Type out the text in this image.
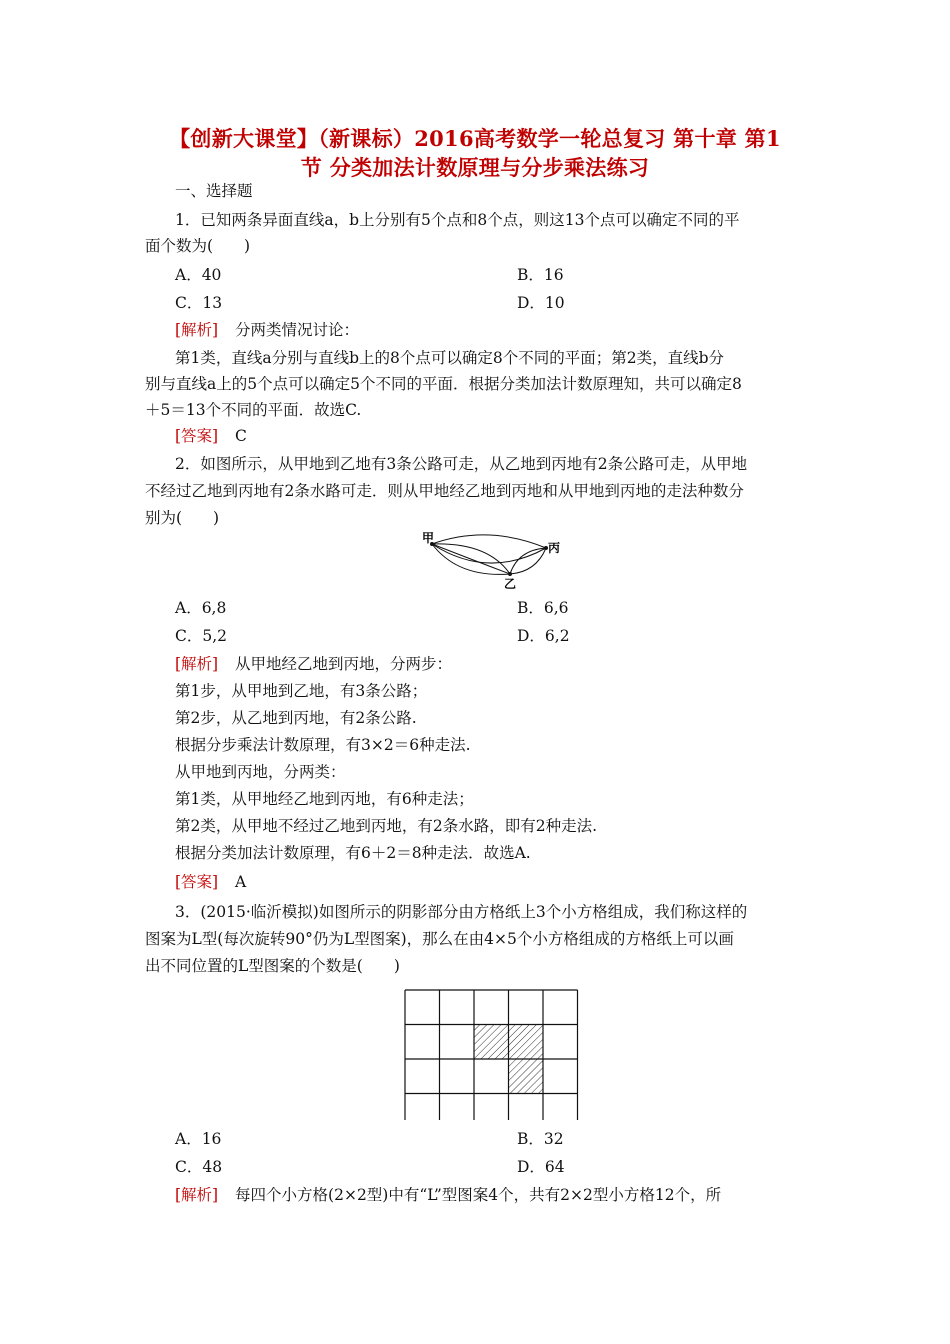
【创新大课堂】（新课标）2016高考数学一轮总复习 第十章 第1
节 分类加法计数原理与分步乘法练习
一、选择题
1．已知两条异面直线a，b上分别有5个点和8个点，则这13个点可以确定不同的平
面个数为(　　)
A．40	B．16
C．13	D．10
[解析] 分两类情况讨论：
第1类，直线a分别与直线b上的8个点可以确定8个不同的平面；第2类，直线b分
别与直线a上的5个点可以确定5个不同的平面．根据分类加法计数原理知，共可以确定8
＋5＝13个不同的平面．故选C.
[答案] C
2．如图所示，从甲地到乙地有3条公路可走，从乙地到丙地有2条公路可走，从甲地
不经过乙地到丙地有2条水路可走．则从甲地经乙地到丙地和从甲地到丙地的走法种数分
别为(　　)
甲
丙
乙
A．6,8	B．6,6
C．5,2	D．6,2
[解析] 从甲地经乙地到丙地，分两步：
第1步，从甲地到乙地，有3条公路；
第2步，从乙地到丙地，有2条公路.
根据分步乘法计数原理，有3×2＝6种走法.
从甲地到丙地，分两类：
第1类，从甲地经乙地到丙地，有6种走法；
第2类，从甲地不经过乙地到丙地，有2条水路，即有2种走法.
根据分类加法计数原理，有6＋2＝8种走法．故选A.
[答案] A
3．(2015·临沂模拟)如图所示的阴影部分由方格纸上3个小方格组成，我们称这样的
图案为L型(每次旋转90°仍为L型图案)，那么在由4×5个小方格组成的方格纸上可以画
出不同位置的L型图案的个数是(　　)
A．16	B．32
C．48	D．64
[解析] 每四个小方格(2×2型)中有“L”型图案4个，共有2×2型小方格12个，所
